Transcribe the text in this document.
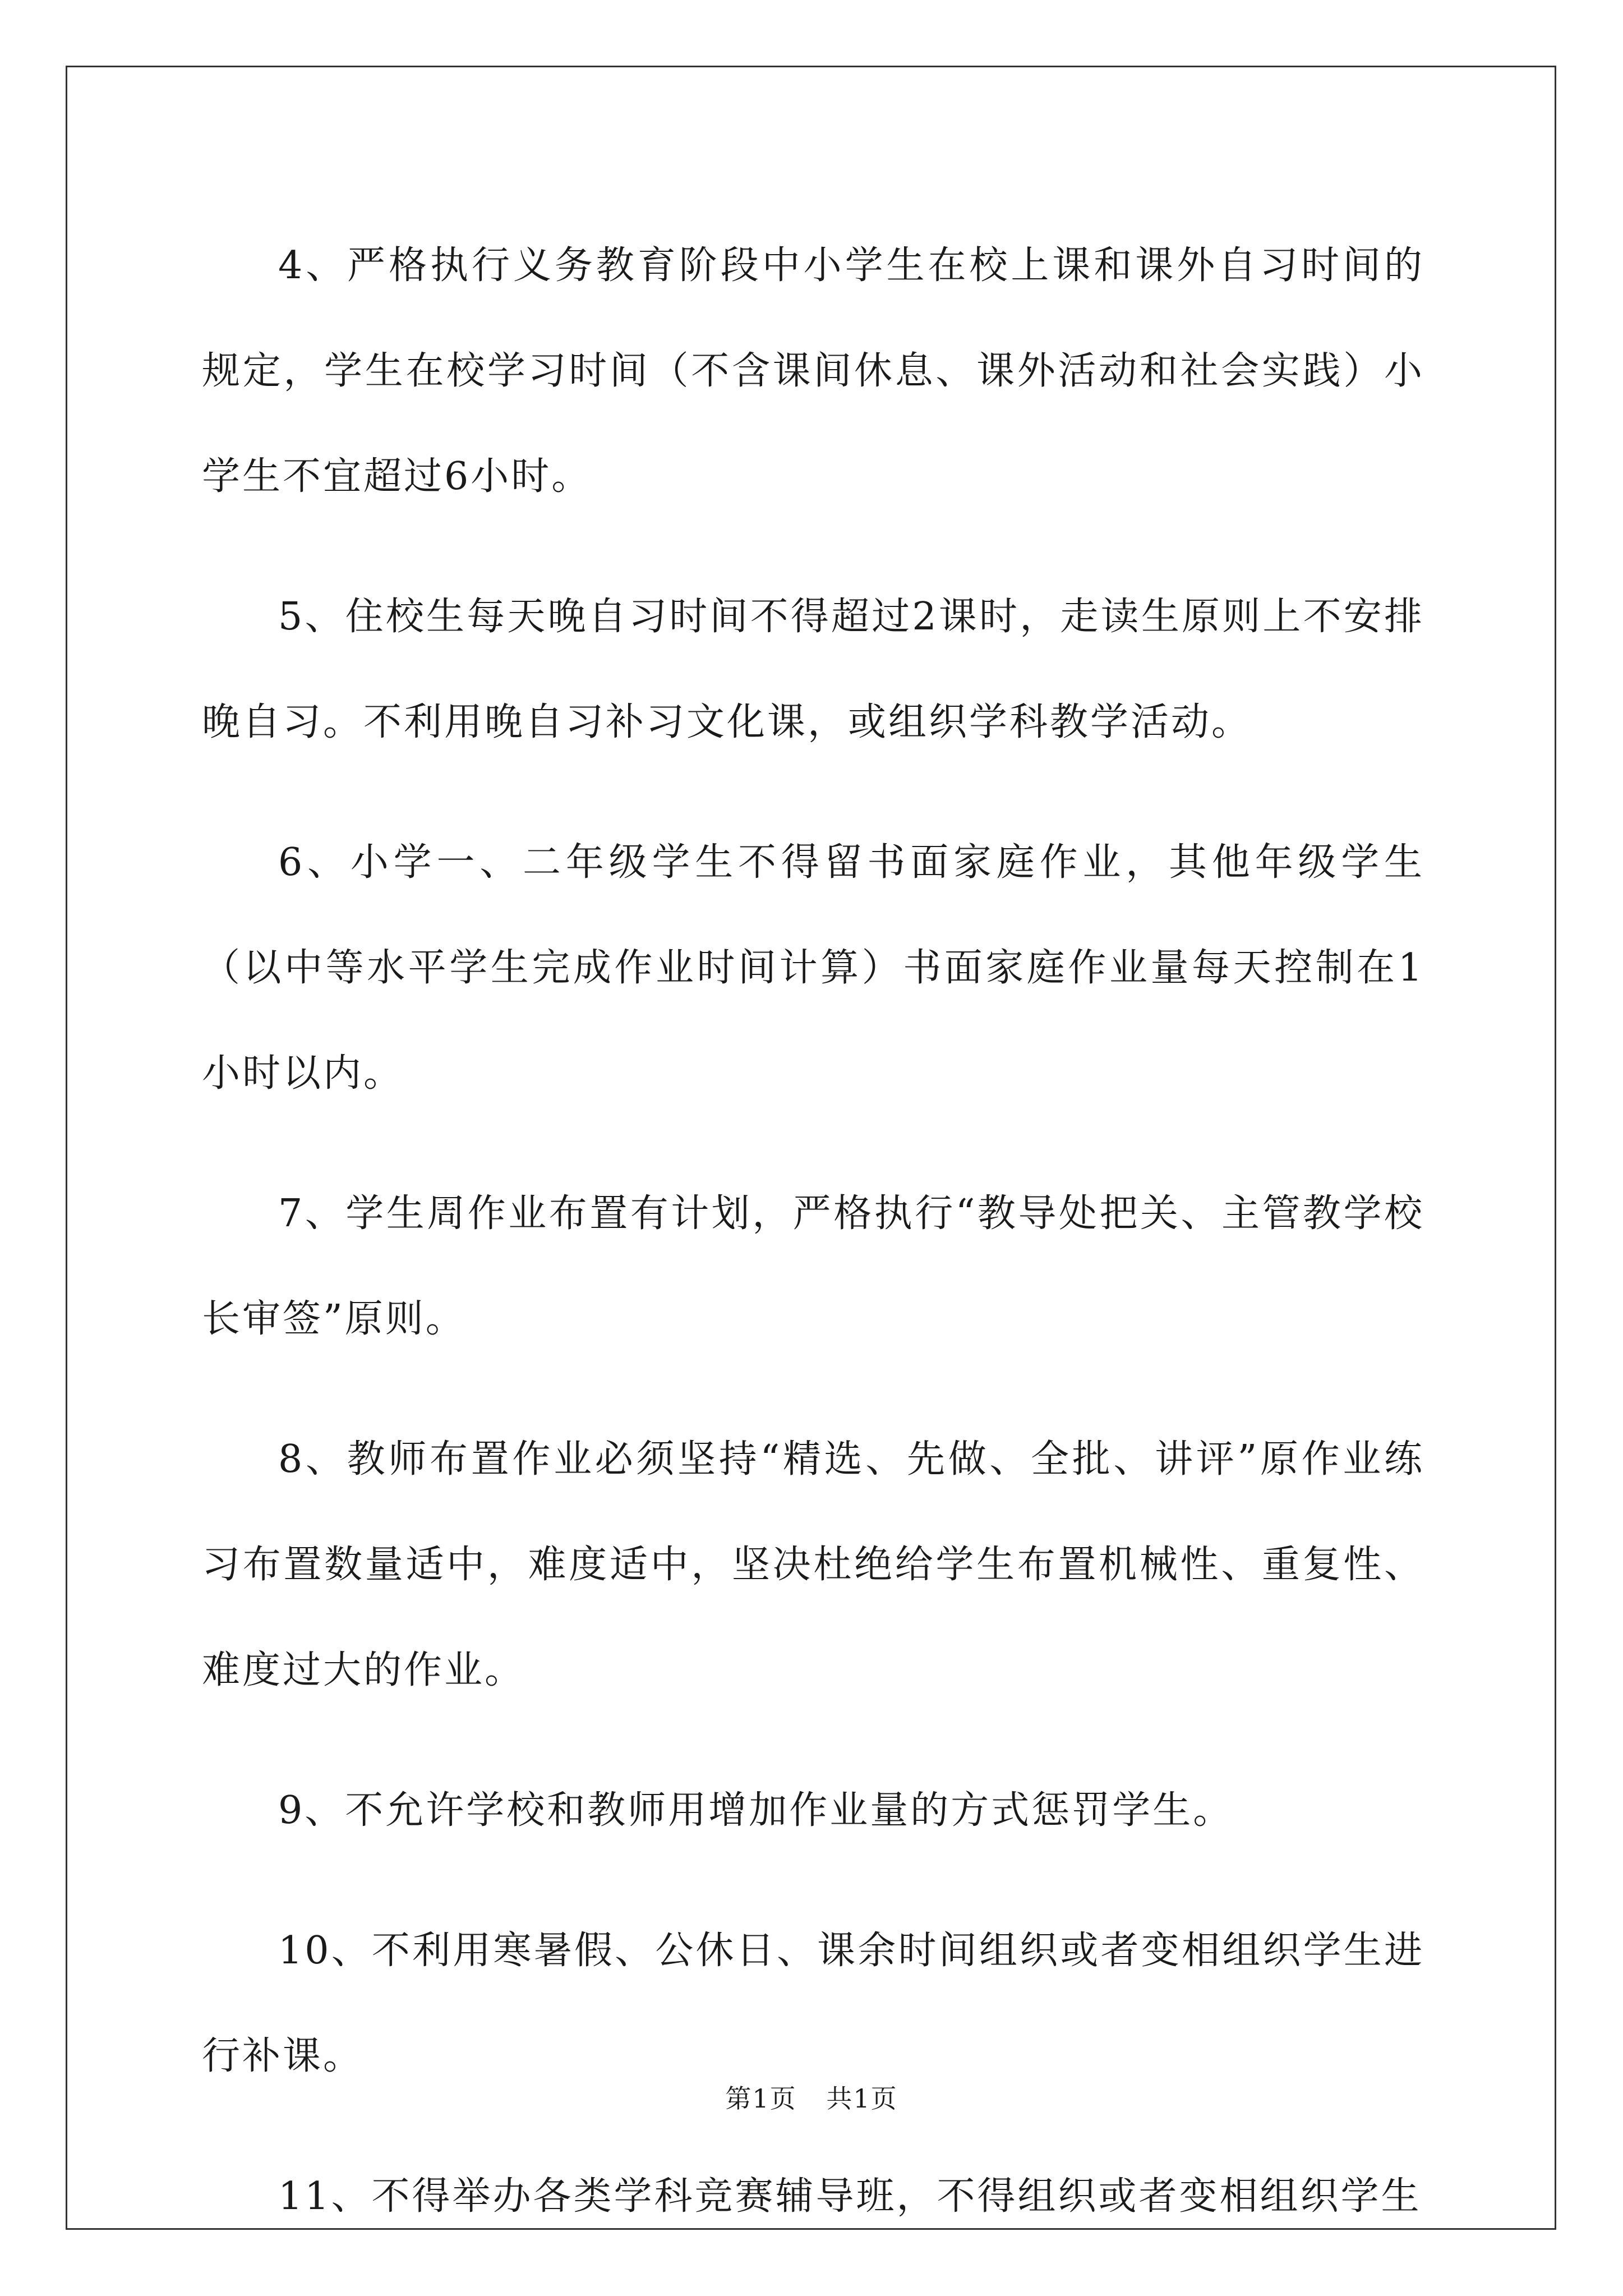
4、严格执行义务教育阶段中小学生在校上课和课外自习时间的规定，学生在校学习时间（不含课间休息、课外活动和社会实践）小学生不宜超过6小时。

5、住校生每天晚自习时间不得超过2课时，走读生原则上不安排晚自习。不利用晚自习补习文化课，或组织学科教学活动。

6、小学一、二年级学生不得留书面家庭作业，其他年级学生（以中等水平学生完成作业时间计算）书面家庭作业量每天控制在1小时以内。

7、学生周作业布置有计划，严格执行“教导处把关、主管教学校长审签”原则。

8、教师布置作业必须坚持“精选、先做、全批、讲评”原作业练习布置数量适中，难度适中，坚决杜绝给学生布置机械性、重复性、难度过大的作业。

9、不允许学校和教师用增加作业量的方式惩罚学生。

10、不利用寒暑假、公休日、课余时间组织或者变相组织学生进行补课。

11、不得举办各类学科竞赛辅导班，不得组织或者变相组织学生

第1页 共1页
